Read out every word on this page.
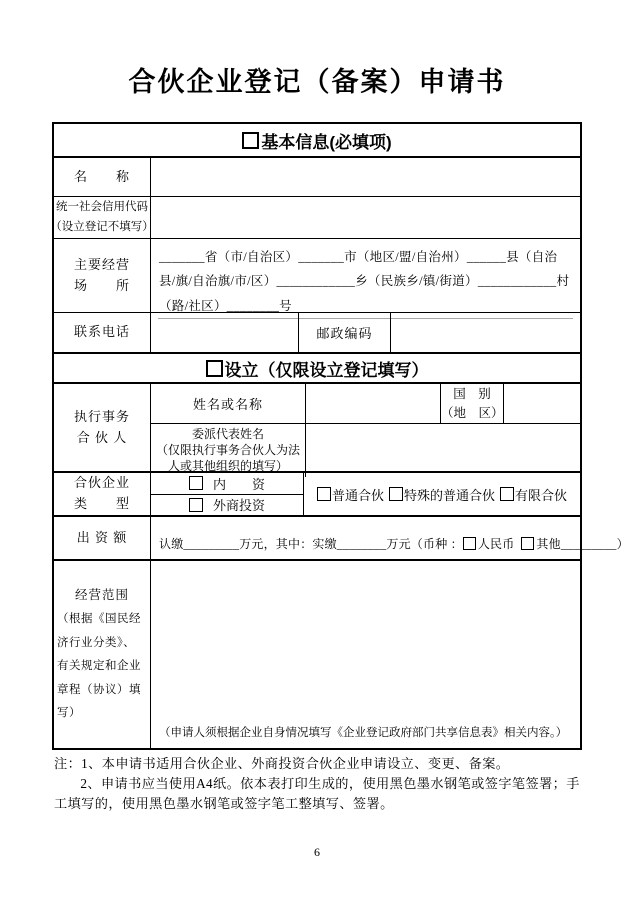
合伙企业登记（备案）申请书
基本信息(必填项)
名　　称
统一社会信用代码
（设立登记不填写）
主要经营
场　　所
_______省（市/自治区）_______市（地区/盟/自治州）______县（自治县/旗/自治旗/市/区）____________乡（民族乡/镇/街道）____________村（路/社区）________号
联系电话	邮政编码
设立（仅限设立登记填写）
执行事务
合 伙 人
姓名或名称
国　别
（地　区）
委派代表姓名
（仅限执行事务合伙人为法人或其他组织的填写）
合伙企业
类　　型
内　　资
外商投资
普通合伙 特殊的普通合伙 有限合伙
出 资 额	认缴_________万元，其中：实缴________万元（币种 ： 人民币 其他_________）
经营范围
（根据《国民经济行业分类》、有关规定和企业章程（协议）填写）
（申请人须根据企业自身情况填写《企业登记政府部门共享信息表》相关内容。）
注：1、本申请书适用合伙企业、外商投资合伙企业申请设立、变更、备案。
2、申请书应当使用A4纸。依本表打印生成的，使用黑色墨水钢笔或签字笔签署；手工填写的，使用黑色墨水钢笔或签字笔工整填写、签署。
6
